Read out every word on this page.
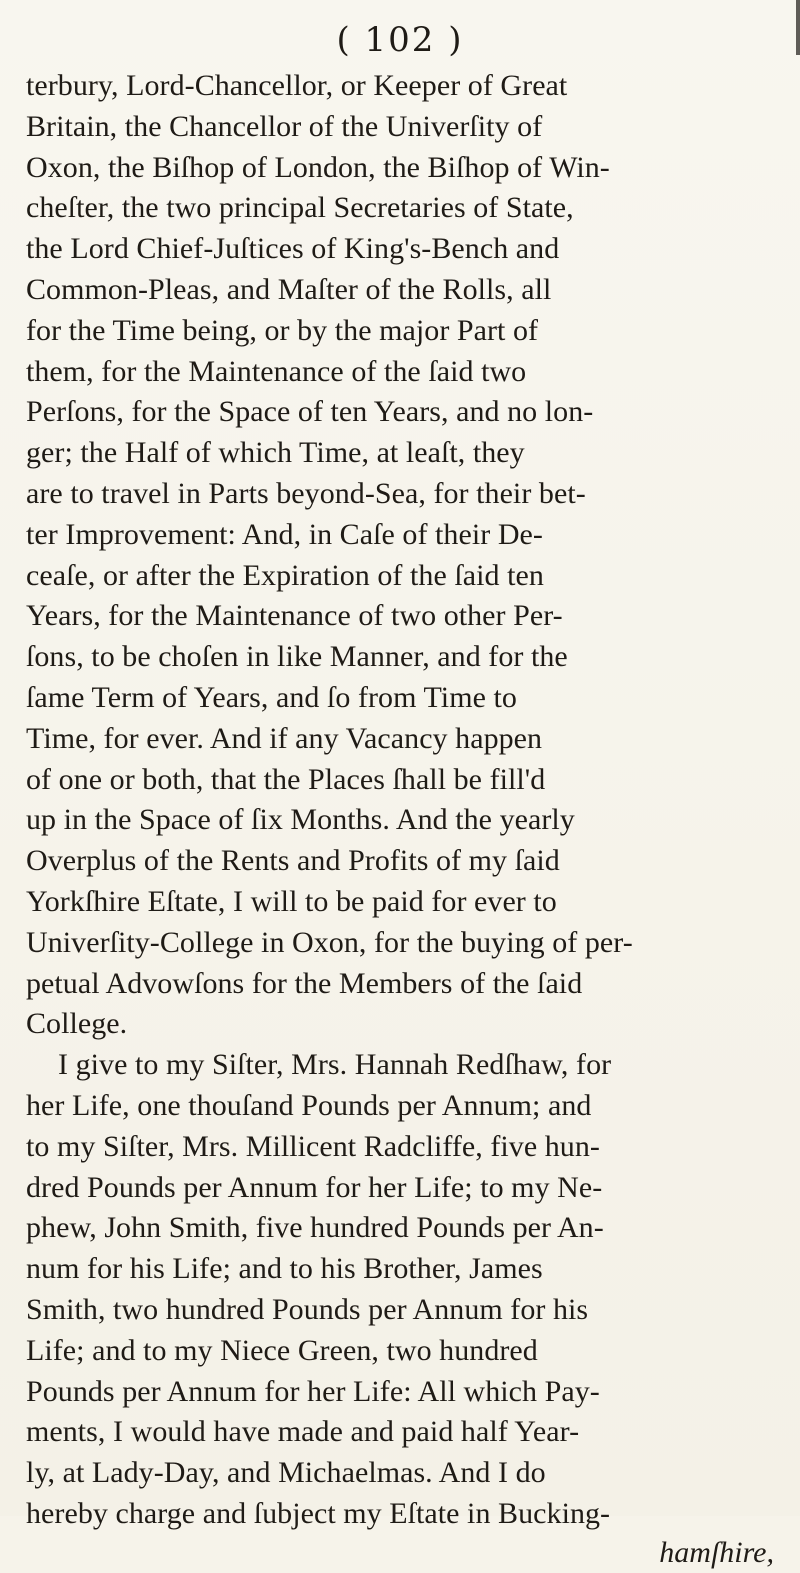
( 102 )
terbury, Lord-Chancellor, or Keeper of Great
Britain, the Chancellor of the Univerſity of
Oxon, the Biſhop of London, the Biſhop of Win-
cheſter, the two principal Secretaries of State,
the Lord Chief-Juſtices of King's-Bench and
Common-Pleas, and Maſter of the Rolls, all
for the Time being, or by the major Part of
them, for the Maintenance of the ſaid two
Perſons, for the Space of ten Years, and no lon-
ger; the Half of which Time, at leaſt, they
are to travel in Parts beyond-Sea, for their bet-
ter Improvement: And, in Caſe of their De-
ceaſe, or after the Expiration of the ſaid ten
Years, for the Maintenance of two other Per-
ſons, to be choſen in like Manner, and for the
ſame Term of Years, and ſo from Time to
Time, for ever. And if any Vacancy happen
of one or both, that the Places ſhall be fill'd
up in the Space of ſix Months. And the yearly
Overplus of the Rents and Profits of my ſaid
Yorkſhire Eſtate, I will to be paid for ever to
Univerſity-College in Oxon, for the buying of per-
petual Advowſons for the Members of the ſaid
College.
I give to my Siſter, Mrs. Hannah Redſhaw, for
her Life, one thouſand Pounds per Annum; and
to my Siſter, Mrs. Millicent Radcliffe, five hun-
dred Pounds per Annum for her Life; to my Ne-
phew, John Smith, five hundred Pounds per An-
num for his Life; and to his Brother, James
Smith, two hundred Pounds per Annum for his
Life; and to my Niece Green, two hundred
Pounds per Annum for her Life: All which Pay-
ments, I would have made and paid half Year-
ly, at Lady-Day, and Michaelmas. And I do
hereby charge and ſubject my Eſtate in Bucking-
hamſhire,
